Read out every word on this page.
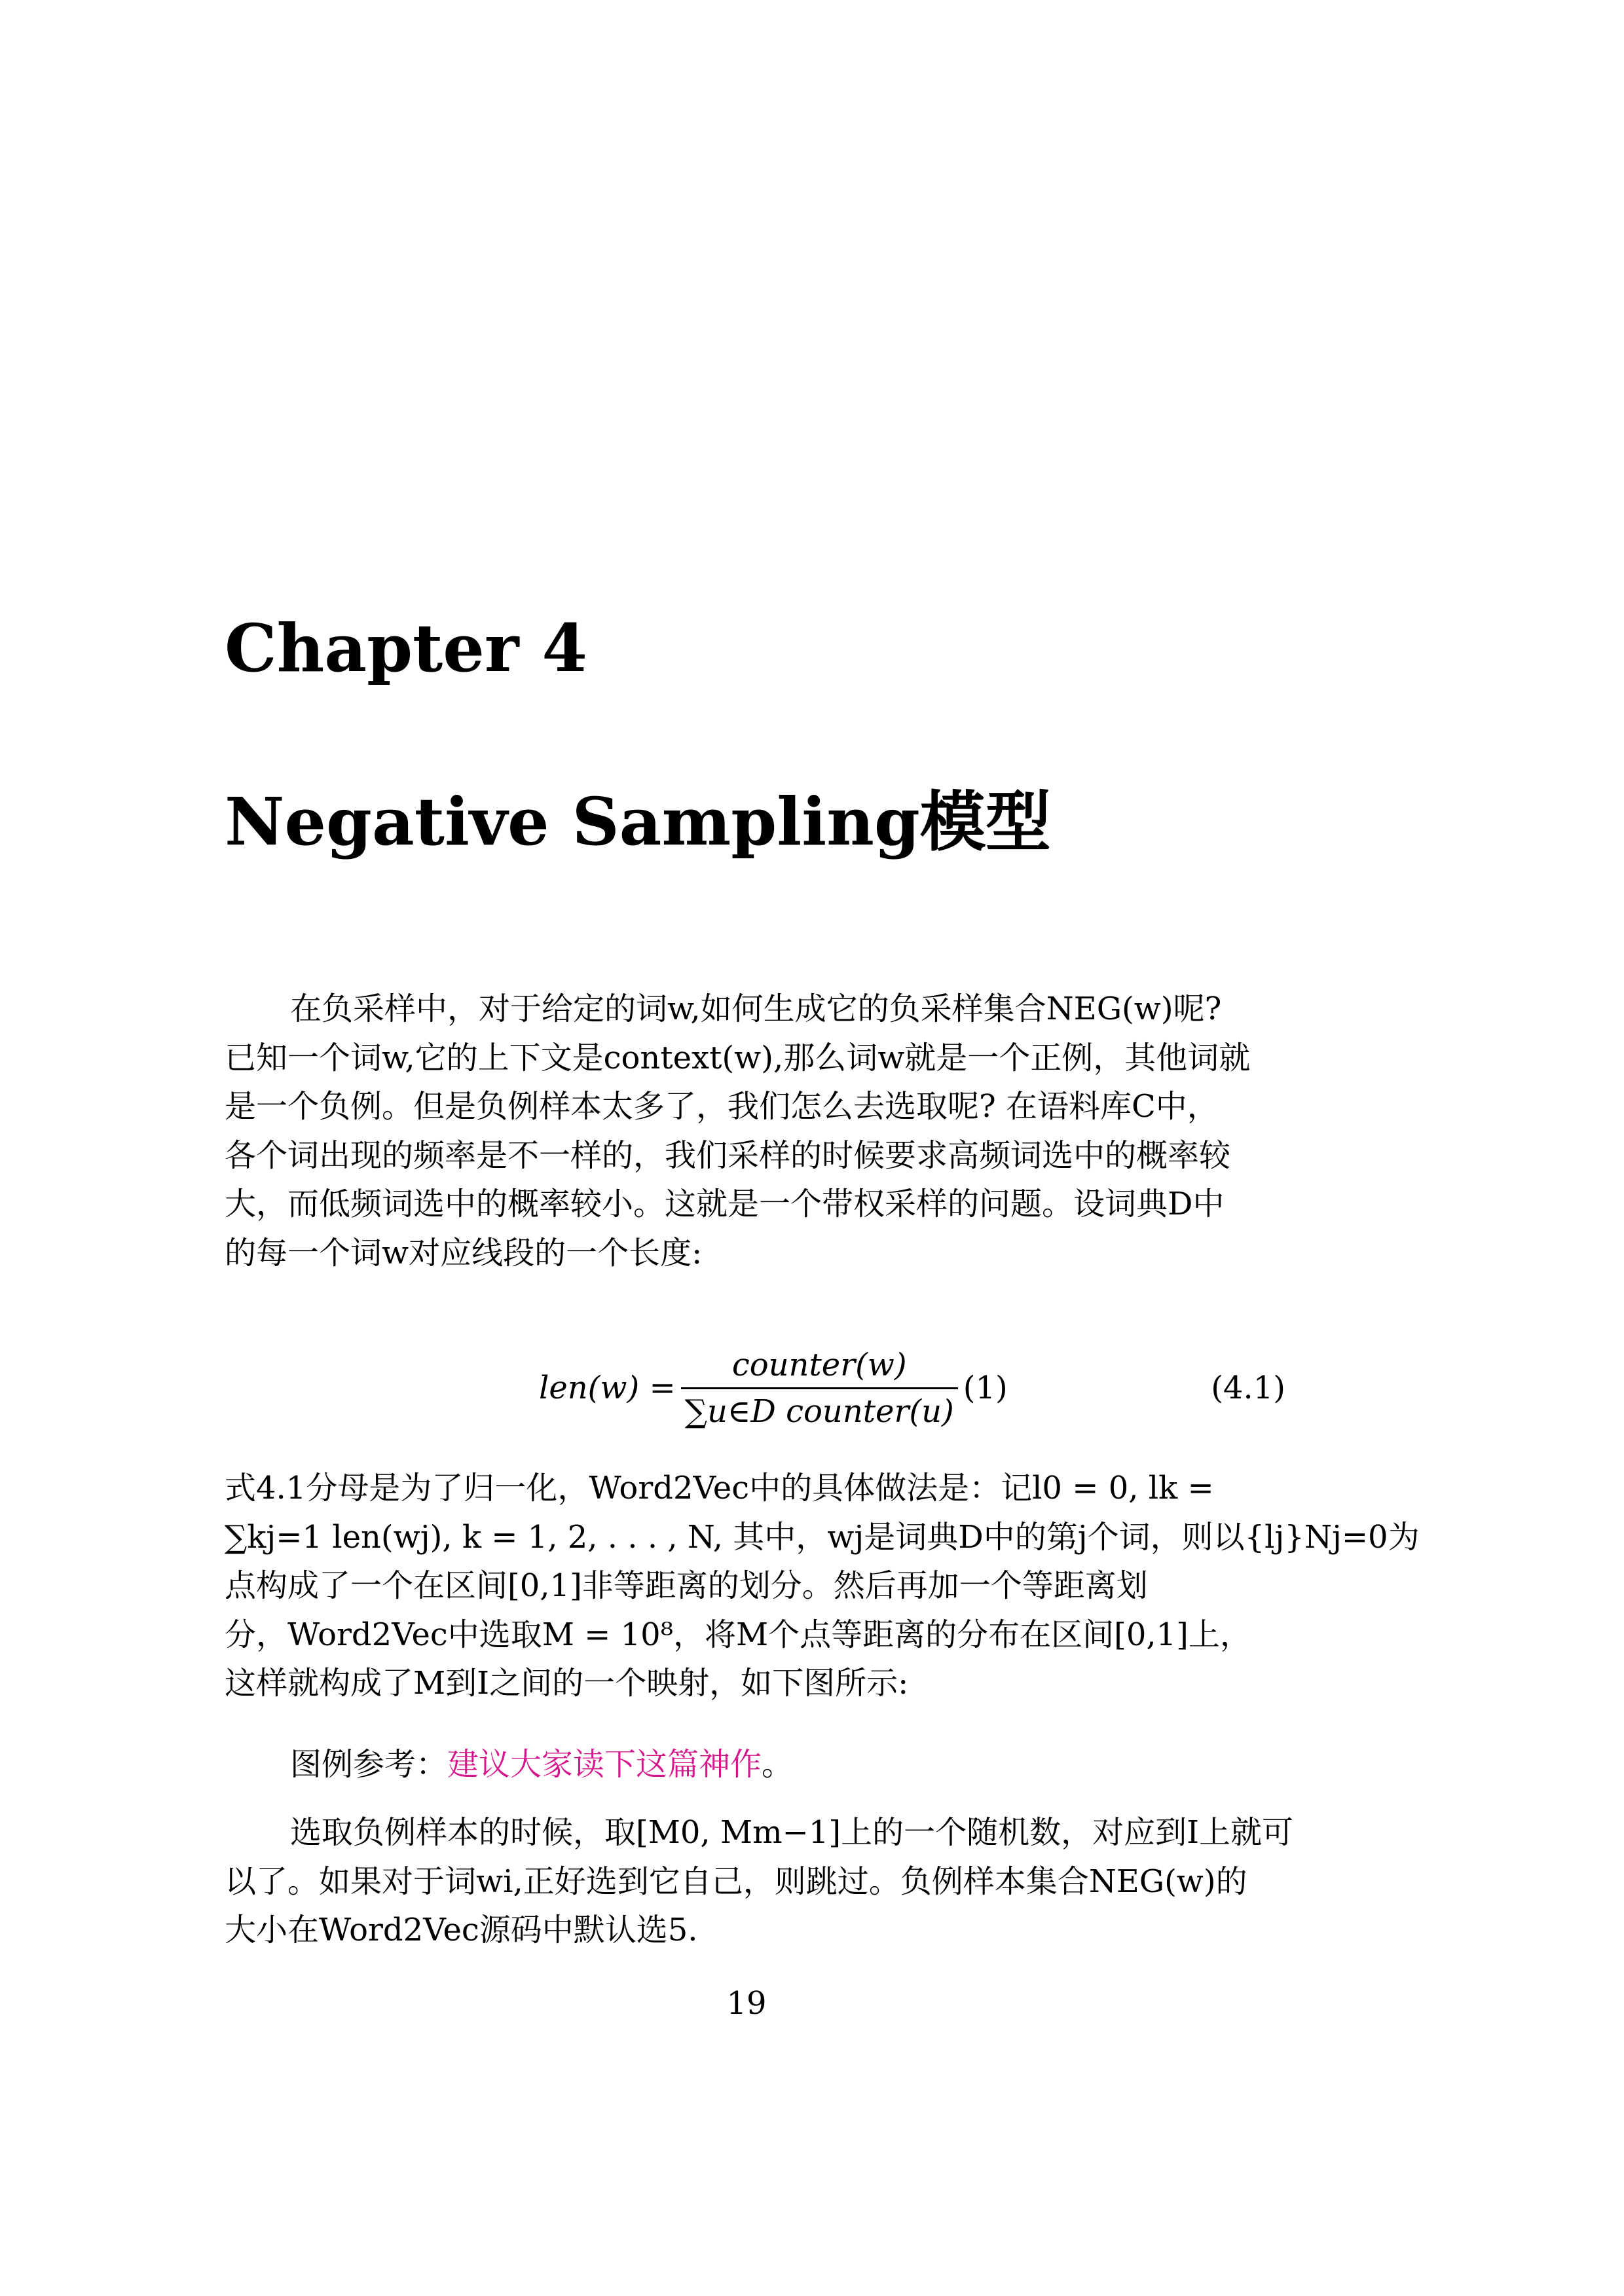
Chapter 4
Negative Sampling模型
在负采样中，对于给定的词w,如何生成它的负采样集合NEG(w)呢?
已知一个词w,它的上下文是context(w),那么词w就是一个正例，其他词就
是一个负例。但是负例样本太多了，我们怎么去选取呢? 在语料库C中，
各个词出现的频率是不一样的，我们采样的时候要求高频词选中的概率较
大，而低频词选中的概率较小。这就是一个带权采样的问题。设词典D中
的每一个词w对应线段的一个长度:
$len(w) = \frac{\text{counter(w)}}{\text{∑u∈D counter(u)}} (1)$	(4.1)
式4.1分母是为了归一化，Word2Vec中的具体做法是：记l0 = 0, lk =
∑kj=1 len(wj), k = 1, 2, . . . , N, 其中，wj是词典D中的第j个词，则以{lj}Nj=0为
点构成了一个在区间[0,1]非等距离的划分。然后再加一个等距离划
分，Word2Vec中选取M = 10⁸，将M个点等距离的分布在区间[0,1]上，
这样就构成了M到I之间的一个映射，如下图所示:
图例参考：建议大家读下这篇神作。
选取负例样本的时候，取[M0, Mm−1]上的一个随机数，对应到I上就可
以了。如果对于词wi,正好选到它自己，则跳过。负例样本集合NEG(w)的
大小在Word2Vec源码中默认选5.
19
